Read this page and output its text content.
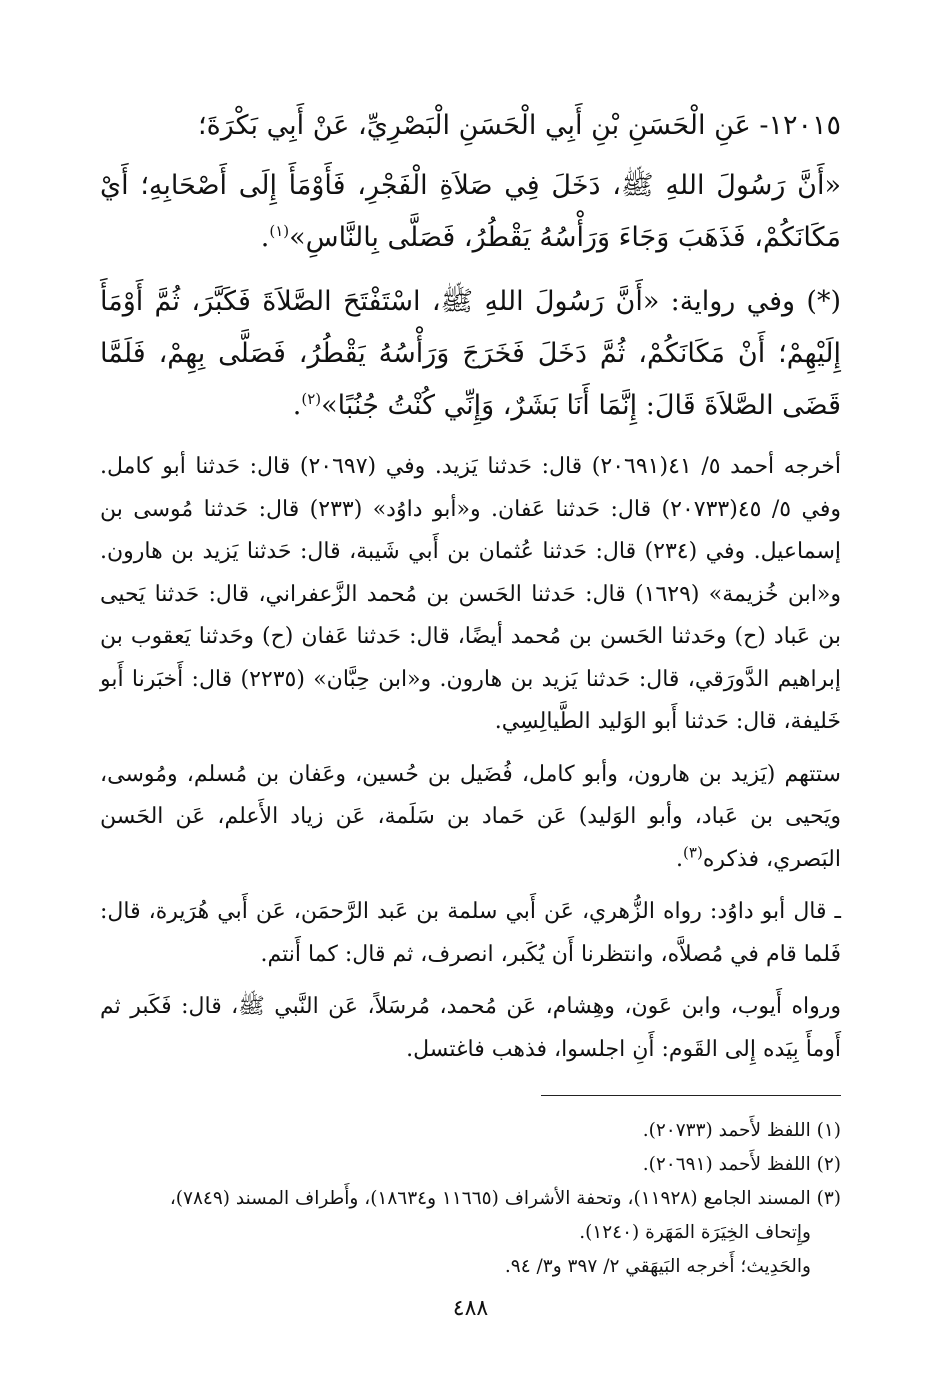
١٢٠١٥- عَنِ الْحَسَنِ بْنِ أَبِي الْحَسَنِ الْبَصْرِيِّ، عَنْ أَبِي بَكْرَةَ؛
«أَنَّ رَسُولَ اللهِ ﷺ، دَخَلَ فِي صَلاَةِ الْفَجْرِ، فَأَوْمَأَ إِلَى أَصْحَابِهِ؛ أَيْ مَكَانَكُمْ، فَذَهَبَ وَجَاءَ وَرَأْسُهُ يَقْطُرُ، فَصَلَّى بِالنَّاسِ»$^{(١)}$.
(*) وفي رواية: «أَنَّ رَسُولَ اللهِ ﷺ، اسْتَفْتَحَ الصَّلاَةَ فَكَبَّرَ، ثُمَّ أَوْمَأَ إِلَيْهِمْ؛ أَنْ مَكَانَكُمْ، ثُمَّ دَخَلَ فَخَرَجَ وَرَأْسُهُ يَقْطُرُ، فَصَلَّى بِهِمْ، فَلَمَّا قَضَى الصَّلاَةَ قَالَ: إِنَّمَا أَنَا بَشَرٌ، وَإِنِّي كُنْتُ جُنُبًا»$^{(٢)}$.
أخرجه أحمد ٥/ ٤١(٢٠٦٩١) قال: حَدثنا يَزيد. وفي (٢٠٦٩٧) قال: حَدثنا أبو كامل. وفي ٥/ ٤٥(٢٠٧٣٣) قال: حَدثنا عَفان. و«أبو داوُد» (٢٣٣) قال: حَدثنا مُوسى بن إسماعيل. وفي (٢٣٤) قال: حَدثنا عُثمان بن أَبي شَيبة، قال: حَدثنا يَزيد بن هارون. و«ابن خُزيمة» (١٦٢٩) قال: حَدثنا الحَسن بن مُحمد الزَّعفراني، قال: حَدثنا يَحيى بن عَباد (ح) وحَدثنا الحَسن بن مُحمد أيضًا، قال: حَدثنا عَفان (ح) وحَدثنا يَعقوب بن إبراهيم الدَّورَقي، قال: حَدثنا يَزيد بن هارون. و«ابن حِبَّان» (٢٢٣٥) قال: أَخبَرنا أَبو خَليفة، قال: حَدثنا أَبو الوَليد الطَّيالِسِي.
ستتهم (يَزيد بن هارون، وأبو كامل، فُضَيل بن حُسين، وعَفان بن مُسلم، ومُوسى، ويَحيى بن عَباد، وأبو الوَليد) عَن حَماد بن سَلَمة، عَن زياد الأَعلم، عَن الحَسن البَصري، فذكره$^{(٣)}$.
ـ قال أبو داوُد: رواه الزُّهري، عَن أَبي سلمة بن عَبد الرَّحمَن، عَن أَبي هُرَيرة، قال: فَلما قام في مُصلاَّه، وانتظرنا أَن يُكَبر، انصرف، ثم قال: كما أَنتم.
ورواه أَيوب، وابن عَون، وهِشام، عَن مُحمد، مُرسَلاً، عَن النَّبي ﷺ، قال: فَكَبر ثم أَومأَ بِيَده إِلى القَوم: أَنِ اجلسوا، فذهب فاغتسل.

(١) اللفظ لأَحمد (٢٠٧٣٣).

(٢) اللفظ لأَحمد (٢٠٦٩١).

(٣) المسند الجامع (١١٩٢٨)، وتحفة الأشراف (١١٦٦٥ و١٨٦٣٤)، وأَطراف المسند (٧٨٤٩)،

وإِتحاف الخِيَرَة المَهَرة (١٢٤٠).

والحَدِيث؛ أَخرجه البَيهَقي ٢/ ٣٩٧ و٣/ ٩٤.

٤٨٨
